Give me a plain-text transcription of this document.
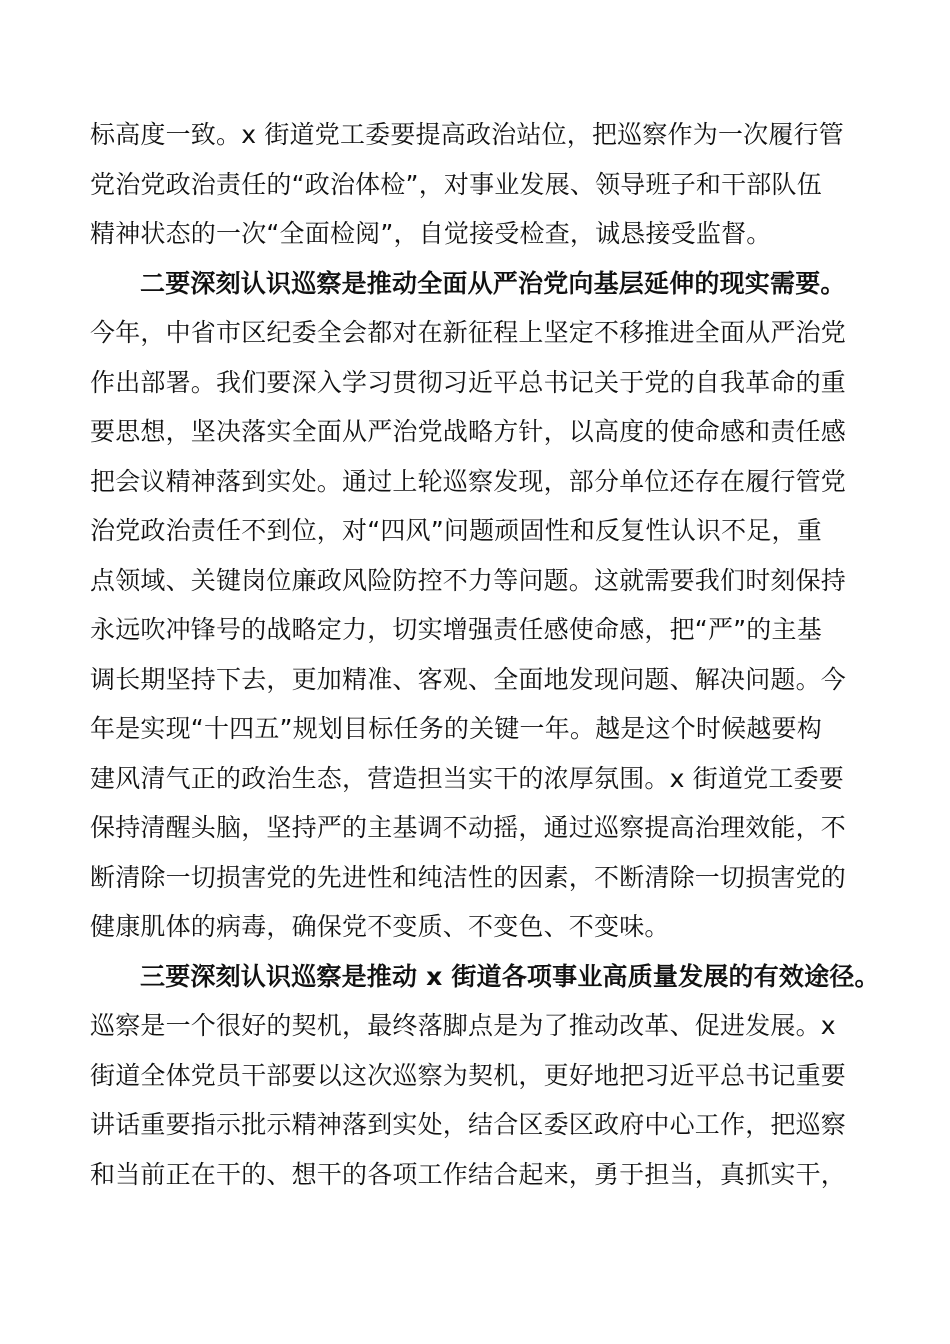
标高度一致。x 街道党工委要提高政治站位，把巡察作为一次履行管
党治党政治责任的“政治体检”，对事业发展、领导班子和干部队伍
精神状态的一次“全面检阅”，自觉接受检查，诚恳接受监督。
二要深刻认识巡察是推动全面从严治党向基层延伸的现实需要。
今年，中省市区纪委全会都对在新征程上坚定不移推进全面从严治党
作出部署。我们要深入学习贯彻习近平总书记关于党的自我革命的重
要思想，坚决落实全面从严治党战略方针，以高度的使命感和责任感
把会议精神落到实处。通过上轮巡察发现，部分单位还存在履行管党
治党政治责任不到位，对“四风”问题顽固性和反复性认识不足，重
点领域、关键岗位廉政风险防控不力等问题。这就需要我们时刻保持
永远吹冲锋号的战略定力，切实增强责任感使命感，把“严”的主基
调长期坚持下去，更加精准、客观、全面地发现问题、解决问题。今
年是实现“十四五”规划目标任务的关键一年。越是这个时候越要构
建风清气正的政治生态，营造担当实干的浓厚氛围。x 街道党工委要
保持清醒头脑，坚持严的主基调不动摇，通过巡察提高治理效能，不
断清除一切损害党的先进性和纯洁性的因素，不断清除一切损害党的
健康肌体的病毒，确保党不变质、不变色、不变味。
三要深刻认识巡察是推动 x 街道各项事业高质量发展的有效途径。
巡察是一个很好的契机，最终落脚点是为了推动改革、促进发展。x
街道全体党员干部要以这次巡察为契机，更好地把习近平总书记重要
讲话重要指示批示精神落到实处，结合区委区政府中心工作，把巡察
和当前正在干的、想干的各项工作结合起来，勇于担当，真抓实干，
